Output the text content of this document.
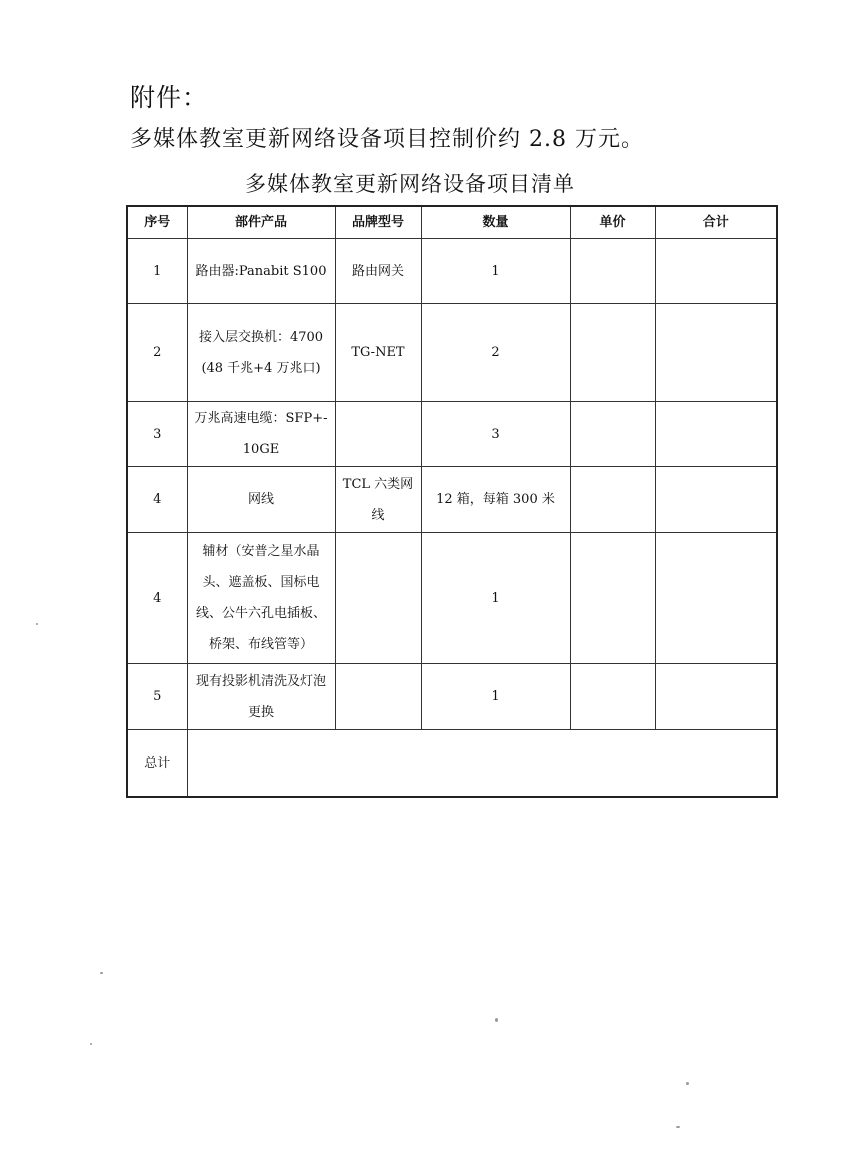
附件：
多媒体教室更新网络设备项目控制价约 2.8 万元。
多媒体教室更新网络设备项目清单
序号	部件产品	品牌型号	数量	单价	合计
1	路由器:Panabit S100	路由网关	1		
2	接入层交换机：4700(48 千兆+4 万兆口)	TG-NET	2		
3	万兆高速电缆：SFP+-10GE		3		
4	网线	TCL 六类网线	12 箱，每箱 300 米		
4	辅材（安普之星水晶头、遮盖板、国标电线、公牛六孔电插板、桥架、布线管等）		1		
5	现有投影机清洗及灯泡更换		1		
总计					
